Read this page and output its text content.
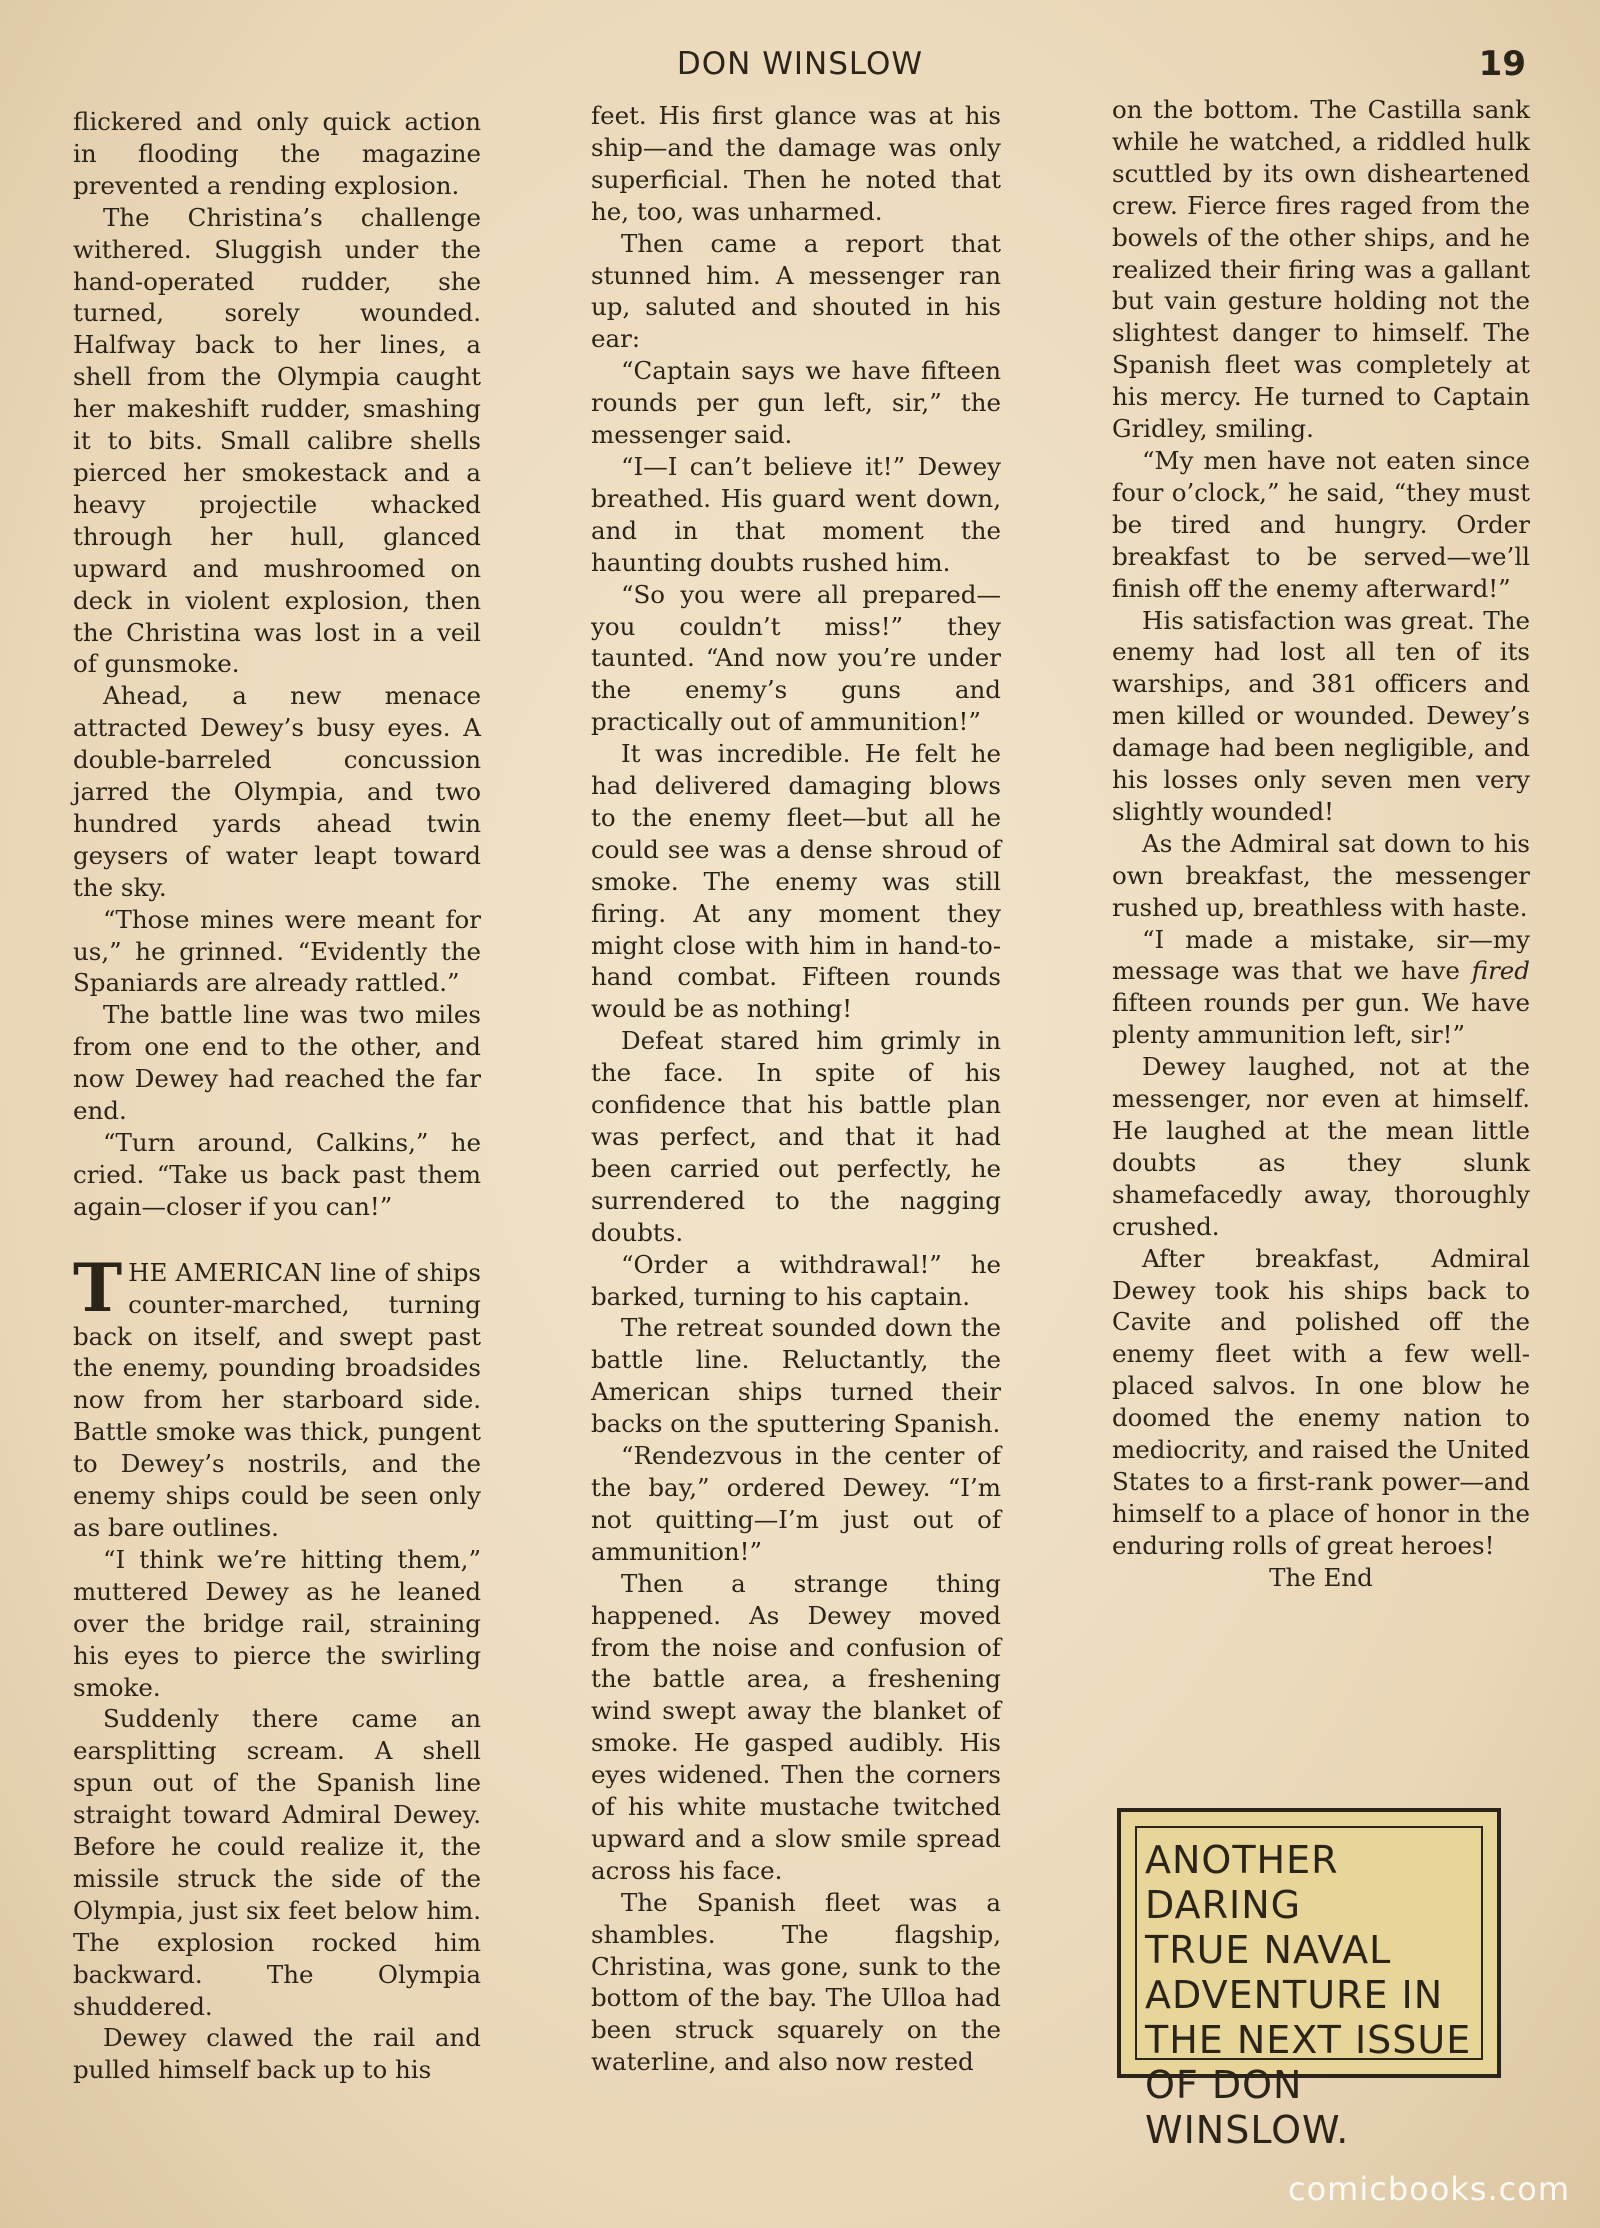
DON WINSLOW	19

flickered and only quick action in flooding the magazine prevented a rending explosion.

The Christina’s challenge withered. Sluggish under the hand-operated rudder, she turned, sorely wounded. Halfway back to her lines, a shell from the Olympia caught her makeshift rudder, smashing it to bits. Small calibre shells pierced her smokestack and a heavy projectile whacked through her hull, glanced upward and mushroomed on deck in violent explosion, then the Christina was lost in a veil of gunsmoke.

Ahead, a new menace attracted Dewey’s busy eyes. A double-barreled concussion jarred the Olympia, and two hundred yards ahead twin geysers of water leapt toward the sky.

“Those mines were meant for us,” he grinned. “Evidently the Spaniards are already rattled.”

The battle line was two miles from one end to the other, and now Dewey had reached the far end.

“Turn around, Calkins,” he cried. “Take us back past them again—closer if you can!”

THE AMERICAN line of ships counter-marched, turning back on itself, and swept past the enemy, pounding broadsides now from her starboard side. Battle smoke was thick, pungent to Dewey’s nostrils, and the enemy ships could be seen only as bare outlines.

“I think we’re hitting them,” muttered Dewey as he leaned over the bridge rail, straining his eyes to pierce the swirling smoke.

Suddenly there came an earsplitting scream. A shell spun out of the Spanish line straight toward Admiral Dewey. Before he could realize it, the missile struck the side of the Olympia, just six feet below him. The explosion rocked him backward. The Olympia shuddered.

Dewey clawed the rail and pulled himself back up to his

feet. His first glance was at his ship—and the damage was only superficial. Then he noted that he, too, was unharmed.

Then came a report that stunned him. A messenger ran up, saluted and shouted in his ear:

“Captain says we have fifteen rounds per gun left, sir,” the messenger said.

“I—I can’t believe it!” Dewey breathed. His guard went down, and in that moment the haunting doubts rushed him.

“So you were all prepared—you couldn’t miss!” they taunted. “And now you’re under the enemy’s guns and practically out of ammunition!”

It was incredible. He felt he had delivered damaging blows to the enemy fleet—but all he could see was a dense shroud of smoke. The enemy was still firing. At any moment they might close with him in hand-to-hand combat. Fifteen rounds would be as nothing!

Defeat stared him grimly in the face. In spite of his confidence that his battle plan was perfect, and that it had been carried out perfectly, he surrendered to the nagging doubts.

“Order a withdrawal!” he barked, turning to his captain.

The retreat sounded down the battle line. Reluctantly, the American ships turned their backs on the sputtering Spanish.

“Rendezvous in the center of the bay,” ordered Dewey. “I’m not quitting—I’m just out of ammunition!”

Then a strange thing happened. As Dewey moved from the noise and confusion of the battle area, a freshening wind swept away the blanket of smoke. He gasped audibly. His eyes widened. Then the corners of his white mustache twitched upward and a slow smile spread across his face.

The Spanish fleet was a shambles. The flagship, Christina, was gone, sunk to the bottom of the bay. The Ulloa had been struck squarely on the waterline, and also now rested

on the bottom. The Castilla sank while he watched, a riddled hulk scuttled by its own disheartened crew. Fierce fires raged from the bowels of the other ships, and he realized their firing was a gallant but vain gesture holding not the slightest danger to himself. The Spanish fleet was completely at his mercy. He turned to Captain Gridley, smiling.

“My men have not eaten since four o’clock,” he said, “they must be tired and hungry. Order breakfast to be served—we’ll finish off the enemy afterward!”

His satisfaction was great. The enemy had lost all ten of its warships, and 381 officers and men killed or wounded. Dewey’s damage had been negligible, and his losses only seven men very slightly wounded!

As the Admiral sat down to his own breakfast, the messenger rushed up, breathless with haste.

“I made a mistake, sir—my message was that we have fired fifteen rounds per gun. We have plenty ammunition left, sir!”

Dewey laughed, not at the messenger, nor even at himself. He laughed at the mean little doubts as they slunk shamefacedly away, thoroughly crushed.

After breakfast, Admiral Dewey took his ships back to Cavite and polished off the enemy fleet with a few well-placed salvos. In one blow he doomed the enemy nation to mediocrity, and raised the United States to a first-rank power—and himself to a place of honor in the enduring rolls of great heroes!

The End

ANOTHER DARING
TRUE NAVAL
ADVENTURE IN
THE NEXT ISSUE
OF DON WINSLOW.
comicbooks.com
